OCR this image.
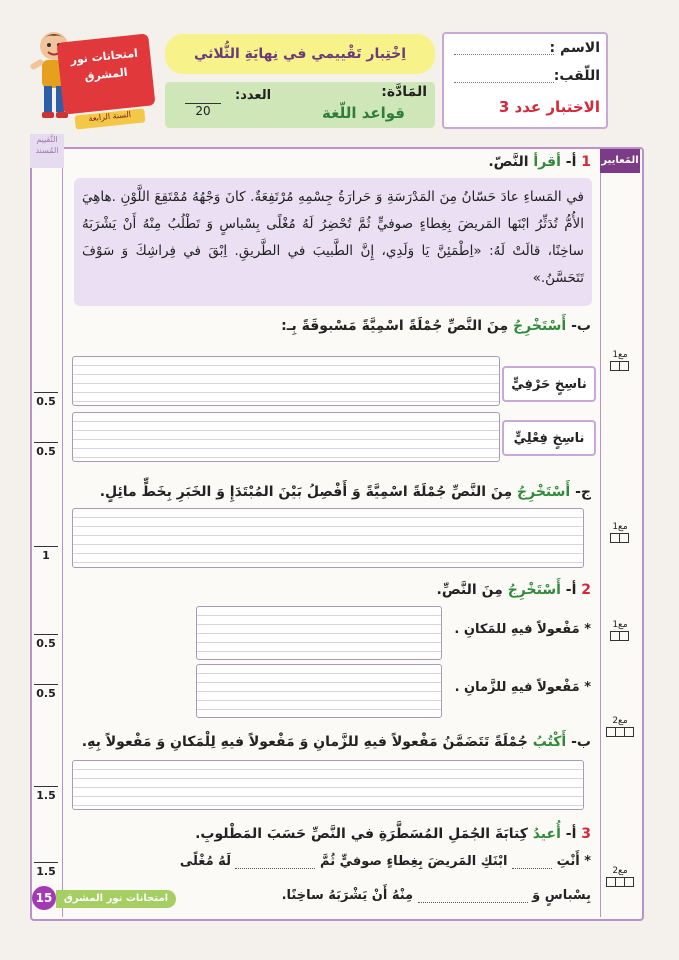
الاسم :
اللّقب:
الاختبار عدد 3
اِخْتِبار تَقْييمي في نِهايَةِ الثُّلاثي
المَادَّة:
قواعد اللّغة
العدد:

20
امتحانات نور المشرق
السنة الرابعة
المَعايير
التَّقييم المُسند
1 أ- أقرأ النَّصّ.
في المَساءِ عادَ حَسّانُ مِنَ المَدْرَسَةِ وَ حَرارَةُ جِسْمِهِ مُرْتَفِعَةٌ. كانَ وَجْهُهُ مُمْتَقِعَ اللَّوْنِ .هاهِيَ الأُمُّ تُدَثِّرُ ابْنَها المَريضَ بِغِطاءٍ صوفيٍّ ثُمَّ تُحْضِرُ لَهُ مُغْلًى بِسْباسٍ وَ تَطْلُبُ مِنْهُ أَنْ يَشْرَبَهُ ساخِنًا، قالَتْ لَهُ: «اِطْمَئِنَّ يَا وَلَدِي، إِنَّ الطَّبيبَ في الطَّريقِ. اِبْقَ في فِراشِكَ وَ سَوْفَ تَتَحَسَّنُ.»
ب- أَسْتَخْرِجُ مِنَ النَّصِّ جُمْلَةً اسْمِيَّةً مَسْبوقَةً بِـ:
ناسِخٍ حَرْفِيٍّ
ناسِخٍ فِعْلِيٍّ
ج- أَسْتَخْرِجُ مِنَ النَّصِّ جُمْلَةً اسْمِيَّةً وَ أَفْصِلُ بَيْنَ المُبْتَدَإِ وَ الخَبَرِ بِخَطٍّ مائِلٍ.
2 أ- أَسْتَخْرِجُ مِنَ النَّصِّ.
* مَفْعولاً فيهِ للمَكانِ .
* مَفْعولاً فيهِ للزَّمانِ .
ب- أَكْتُبُ جُمْلَةً تَتَضَمَّنُ مَفْعولاً فيهِ للزَّمانِ وَ مَفْعولاً فيهِ لِلْمَكانِ وَ مَفْعولاً بِهِ.
3 أ- أُعيدُ كِتابَةَ الجُمَلِ المُسَطَّرَةِ في النَّصِّ حَسَبَ المَطْلوبِ.
* أَنْتِ  ابْنَكِ المَريضَ بِغِطاءٍ صوفيٍّ ثُمَّ  لَهُ مُغْلًى
بِسْباسٍ وَ  مِنْهُ أَنْ يَشْرَبَهُ ساخِنًا.
0.5
0.5
1
0.5
0.5
1.5
1.5
مع1
مع1
مع1
مع2
مع2
15	امتحانات نور المشرق
